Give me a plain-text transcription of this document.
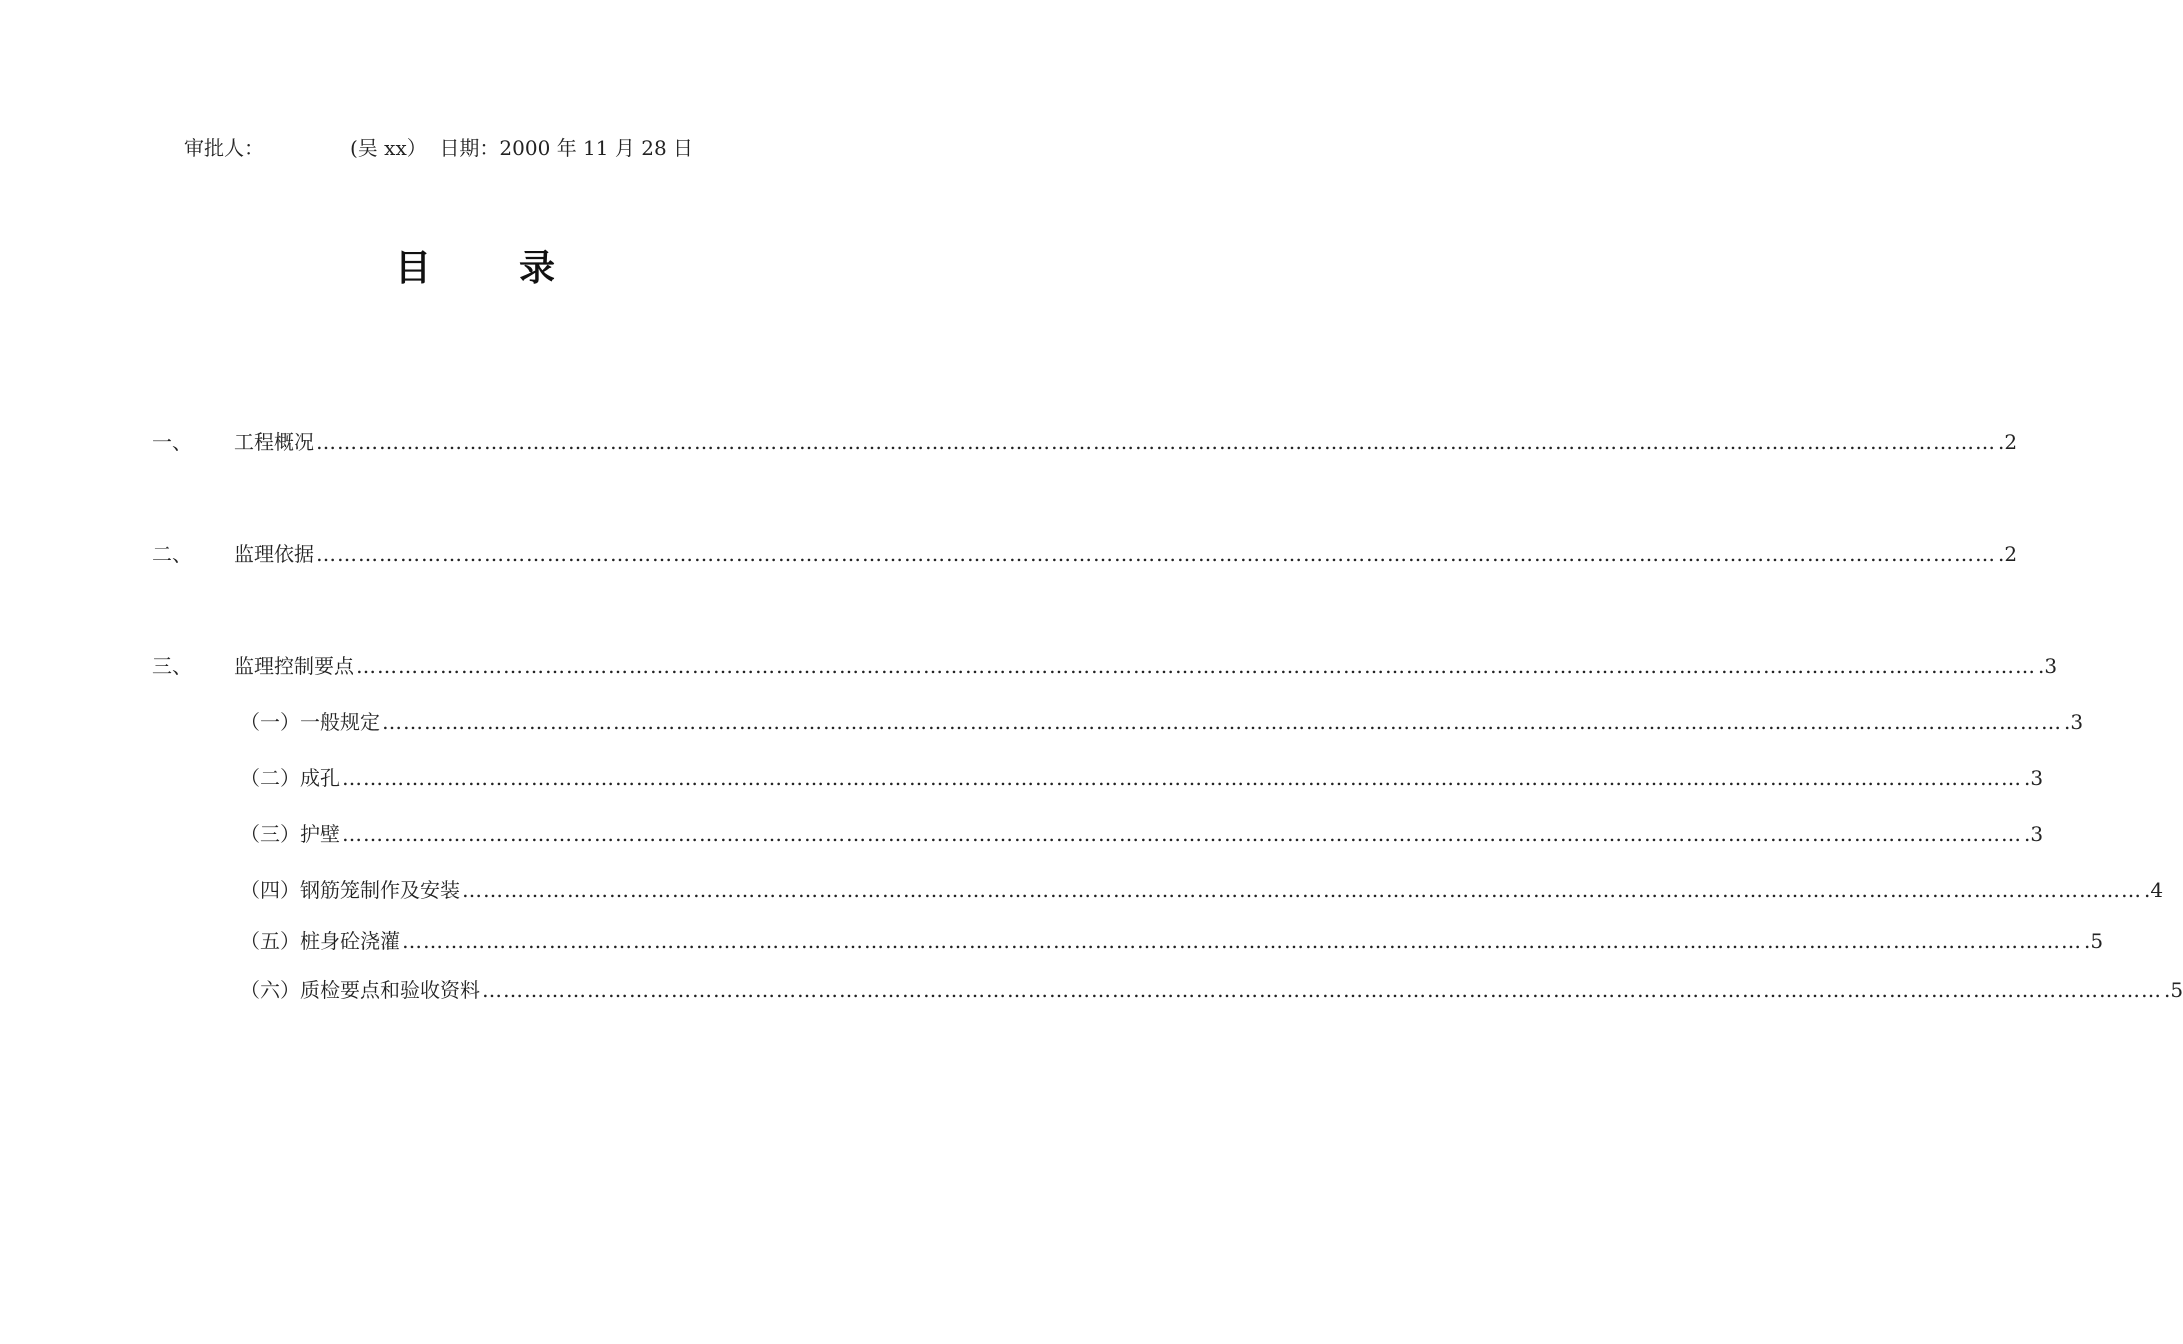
审批人：	(吴 xx） 日期：2000 年 11 月 28 日
目 录
一、 工程概况 …………………………………………………………………………………………………………………………………………………………………………………………………………………… .2
二、 监理依据 …………………………………………………………………………………………………………………………………………………………………………………………………………………… .2
三、 监理控制要点 …………………………………………………………………………………………………………………………………………………………………………………………………………………… .3
（一）一般规定 …………………………………………………………………………………………………………………………………………………………………………………………………………………… .3
（二）成孔 …………………………………………………………………………………………………………………………………………………………………………………………………………………… .3
（三）护壁 …………………………………………………………………………………………………………………………………………………………………………………………………………………… .3
（四）钢筋笼制作及安装 …………………………………………………………………………………………………………………………………………………………………………………………………………………… .4
（五）桩身砼浇灌 …………………………………………………………………………………………………………………………………………………………………………………………………………………… .5
（六）质检要点和验收资料 …………………………………………………………………………………………………………………………………………………………………………………………………………………… .5
